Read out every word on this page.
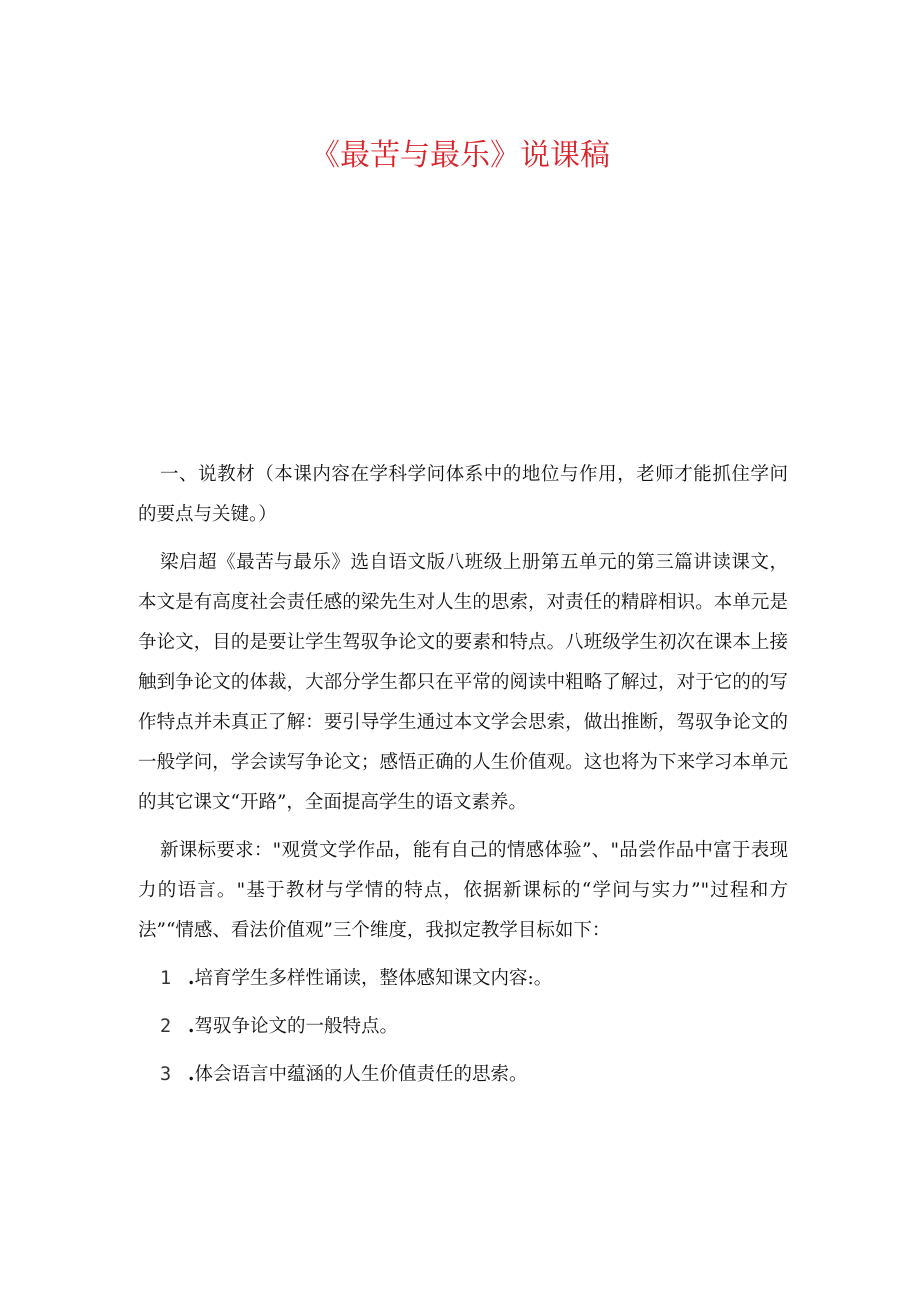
《最苦与最乐》说课稿

一、说教材（本课内容在学科学问体系中的地位与作用，老师才能抓住学问的要点与关键。）

梁启超《最苦与最乐》选自语文版八班级上册第五单元的第三篇讲读课文，本文是有高度社会责任感的梁先生对人生的思索，对责任的精辟相识。本单元是争论文，目的是要让学生驾驭争论文的要素和特点。八班级学生初次在课本上接触到争论文的体裁，大部分学生都只在平常的阅读中粗略了解过，对于它的的写作特点并未真正了解：要引导学生通过本文学会思索，做出推断，驾驭争论文的一般学问，学会读写争论文；感悟正确的人生价值观。这也将为下来学习本单元的其它课文“开路”，全面提高学生的语文素养。

新课标要求："观赏文学作品，能有自己的情感体验”、"品尝作品中富于表现力的语言。"基于教材与学情的特点，依据新课标的“学问与实力”"过程和方法”“情感、看法价值观”三个维度，我拟定教学目标如下：

1 .培育学生多样性诵读，整体感知课文内容:。
2 .驾驭争论文的一般特点。
3 .体会语言中蕴涵的人生价值责任的思索。
